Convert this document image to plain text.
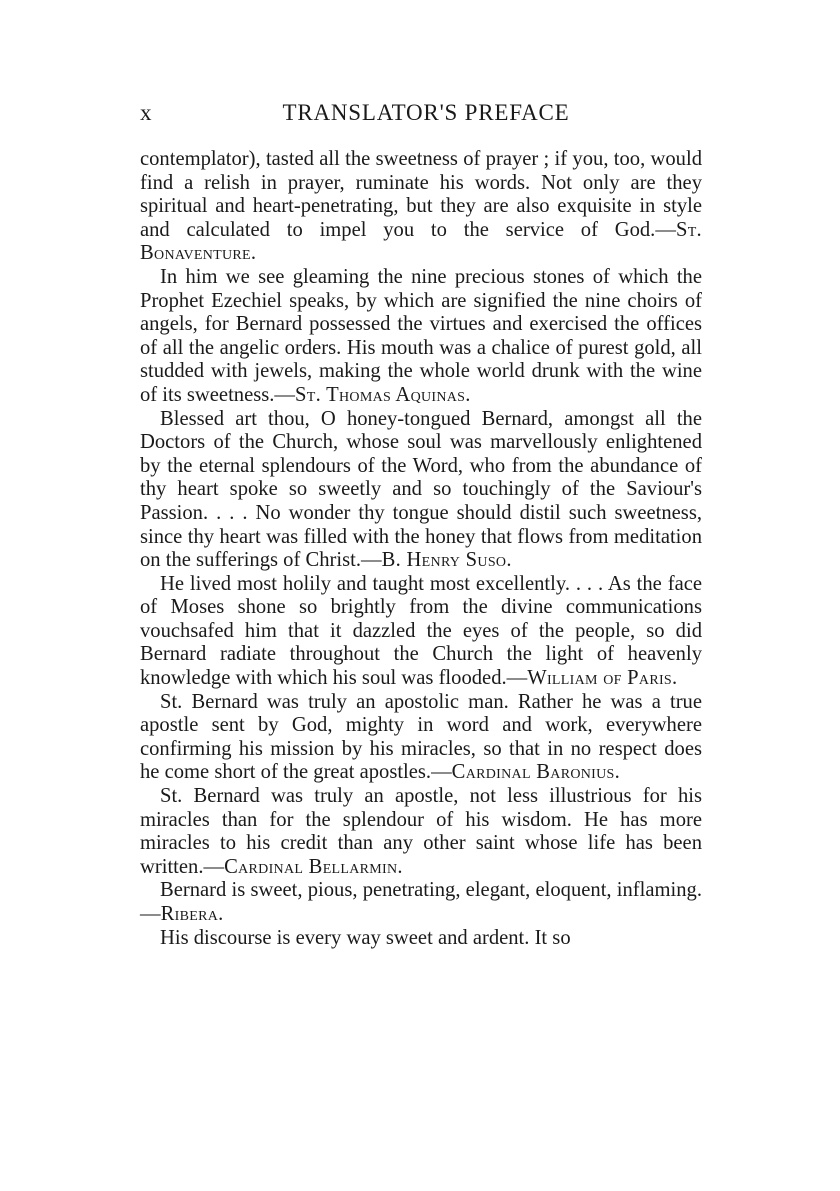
x	TRANSLATOR'S PREFACE

contemplator), tasted all the sweetness of prayer ; if you, too, would find a relish in prayer, ruminate his words. Not only are they spiritual and heart-penetrating, but they are also exquisite in style and calculated to impel you to the service of God.—St. Bonaventure.

In him we see gleaming the nine precious stones of which the Prophet Ezechiel speaks, by which are signified the nine choirs of angels, for Bernard possessed the virtues and exercised the offices of all the angelic orders. His mouth was a chalice of purest gold, all studded with jewels, making the whole world drunk with the wine of its sweetness.—St. Thomas Aquinas.

Blessed art thou, O honey-tongued Bernard, amongst all the Doctors of the Church, whose soul was marvellously enlightened by the eternal splendours of the Word, who from the abundance of thy heart spoke so sweetly and so touchingly of the Saviour's Passion. . . . No wonder thy tongue should distil such sweetness, since thy heart was filled with the honey that flows from meditation on the sufferings of Christ.—B. Henry Suso.

He lived most holily and taught most excellently. . . . As the face of Moses shone so brightly from the divine communications vouchsafed him that it dazzled the eyes of the people, so did Bernard radiate throughout the Church the light of heavenly knowledge with which his soul was flooded.—William of Paris.

St. Bernard was truly an apostolic man. Rather he was a true apostle sent by God, mighty in word and work, everywhere confirming his mission by his miracles, so that in no respect does he come short of the great apostles.—Cardinal Baronius.

St. Bernard was truly an apostle, not less illustrious for his miracles than for the splendour of his wisdom. He has more miracles to his credit than any other saint whose life has been written.—Cardinal Bellarmin.

Bernard is sweet, pious, penetrating, elegant, eloquent, inflaming.—Ribera.

His discourse is every way sweet and ardent. It so
